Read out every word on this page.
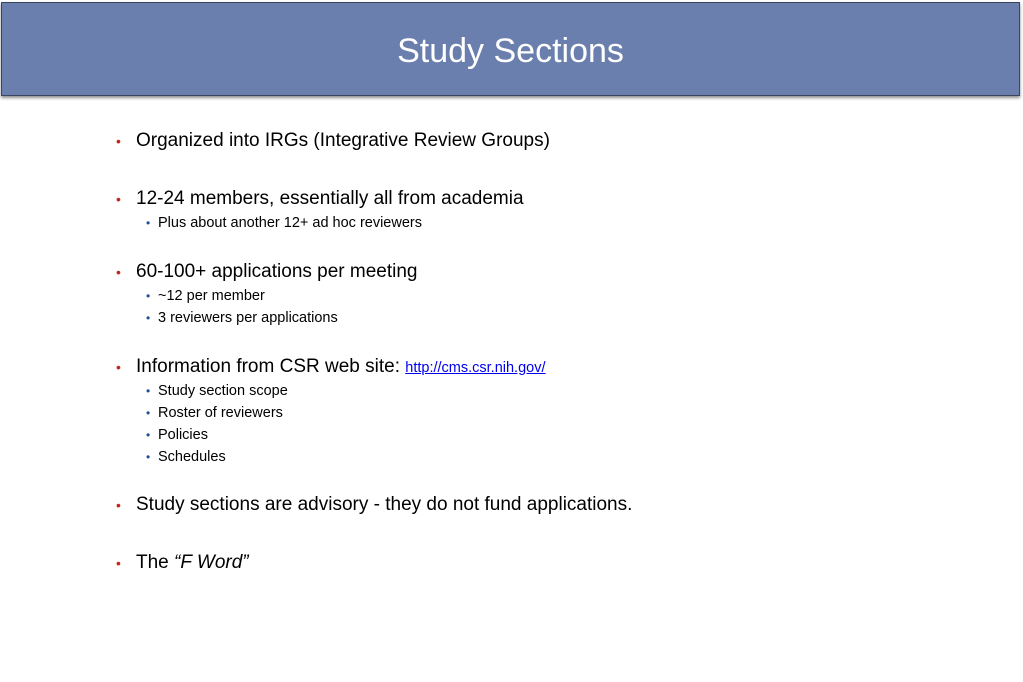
Study Sections
• Organized into IRGs (Integrative Review Groups)
• 12-24 members, essentially all from academia
• Plus about another 12+ ad hoc reviewers
• 60-100+ applications per meeting
• ~12 per member
• 3 reviewers per applications
• Information from CSR web site: http://cms.csr.nih.gov/
• Study section scope
• Roster of reviewers
• Policies
• Schedules
• Study sections are advisory - they do not fund applications.
• The “F Word”
